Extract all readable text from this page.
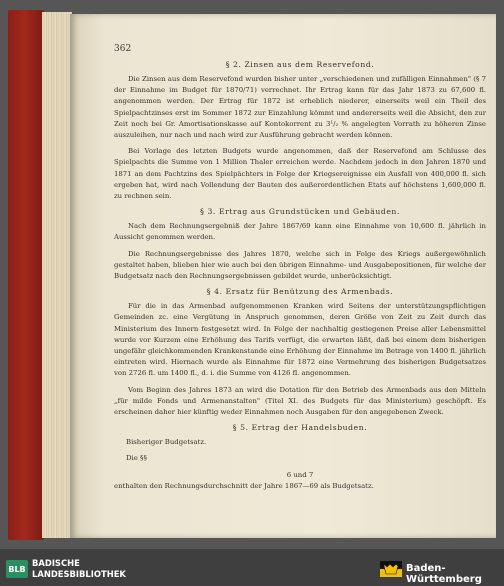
362
§ 2. Zinsen aus dem Reservefond.

Die Zinsen aus dem Reservefond wurden bisher unter „verschiedenen und zufälligen Einnahmen" (§ 7 der Einnahme im Budget für 1870/71) verrechnet. Ihr Ertrag kann für das Jahr 1873 zu 67,600 fl. angenommen werden. Der Ertrag für 1872 ist erheblich niederer, einerseits weil ein Theil des Spielpachtzinses erst im Sommer 1872 zur Einzahlung kömmt und andererseits weil die Absicht, den zur Zeit noch bei Gr. Amortisationskasse auf Kontokorrent zu 3¹/₂ % angelegten Vorrath zu höheren Zinse auszuleihen, nur nach und nach wird zur Ausführung gebracht werden können.

Bei Vorlage des letzten Budgets wurde angenommen, daß der Reservefond am Schlusse des Spielpachts die Summe von 1 Million Thaler erreichen werde. Nachdem jedoch in den Jahren 1870 und 1871 an dem Pachtzins des Spielpächters in Folge der Kriegsereignisse ein Ausfall von 400,000 fl. sich ergeben hat, wird nach Vollendung der Bauten des außerordentlichen Etats auf höchstens 1,600,000 fl. zu rechnen sein.

§ 3. Ertrag aus Grundstücken und Gebäuden.

Nach dem Rechnungsergebniß der Jahre 1867/69 kann eine Einnahme von 10,600 fl. jährlich in Aussicht genommen werden.

Die Rechnungsergebnisse des Jahres 1870, welche sich in Folge des Kriegs außergewöhnlich gestaltet haben, blieben hier wie auch bei den übrigen Einnahme- und Ausgabepositionen, für welche der Budgetsatz nach den Rechnungsergebnissen gebildet wurde, unberücksichtigt.

§ 4. Ersatz für Benützung des Armenbads.

Für die in das Armenbad aufgenommenen Kranken wird Seitens der unterstützungspflichtigen Gemeinden zc. eine Vergütung in Anspruch genommen, deren Größe von Zeit zu Zeit durch das Ministerium des Innern festgesetzt wird. In Folge der nachhaltig gestiegenen Preise aller Lebensmittel wurde vor Kurzem eine Erhöhung des Tarifs verfügt, die erwarten läßt, daß bei einem dem bisherigen ungefähr gleichkommenden Krankenstande eine Erhöhung der Einnahme im Betrage von 1400 fl. jährlich eintreten wird. Hiernach wurde als Einnahme für 1872 eine Vermehrung des bisherigen Budgetsatzes von 2726 fl. um 1400 fl., d. i. die Summe von 4126 fl. angenommen.

Vom Beginn des Jahres 1873 an wird die Dotation für den Betrieb des Armenbads aus den Mitteln „für milde Fonds und Armenanstalten" (Titel XI. des Budgets für das Ministerium) geschöpft. Es erscheinen daher hier künftig weder Einnahmen noch Ausgaben für den angegebenen Zweck.

§ 5. Ertrag der Handelsbuden.

Bisheriger Budgetsatz.

Die §§

6 und 7

enthalten den Rechnungsdurchschnitt der Jahre 1867—69 als Budgetsatz.

BLB
BADISCHE
LANDESBIBLIOTHEK	Baden-Württemberg
